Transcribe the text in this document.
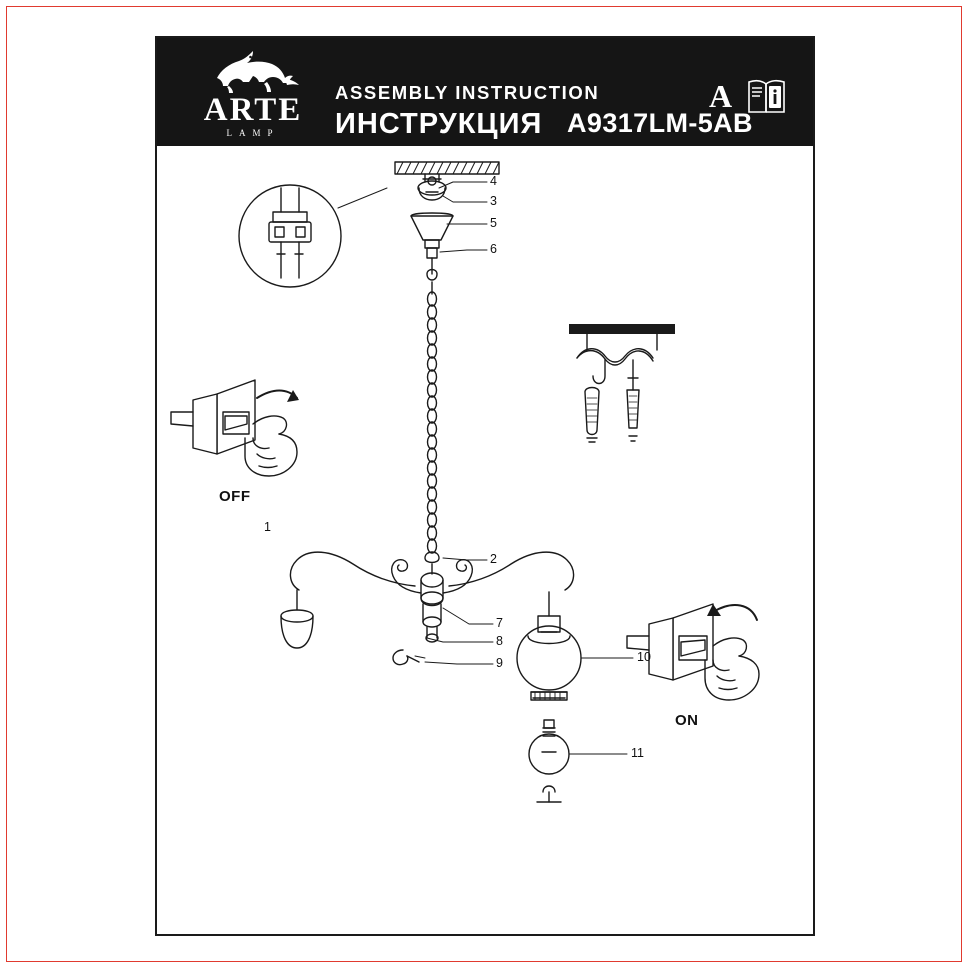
ARTE
LAMP
ASSEMBLY INSTRUCTION
ИНСТРУКЦИЯ A9317LM-5AB
A
1
2
3
4
5
6
7
8
9	10
11
OFF
ON
